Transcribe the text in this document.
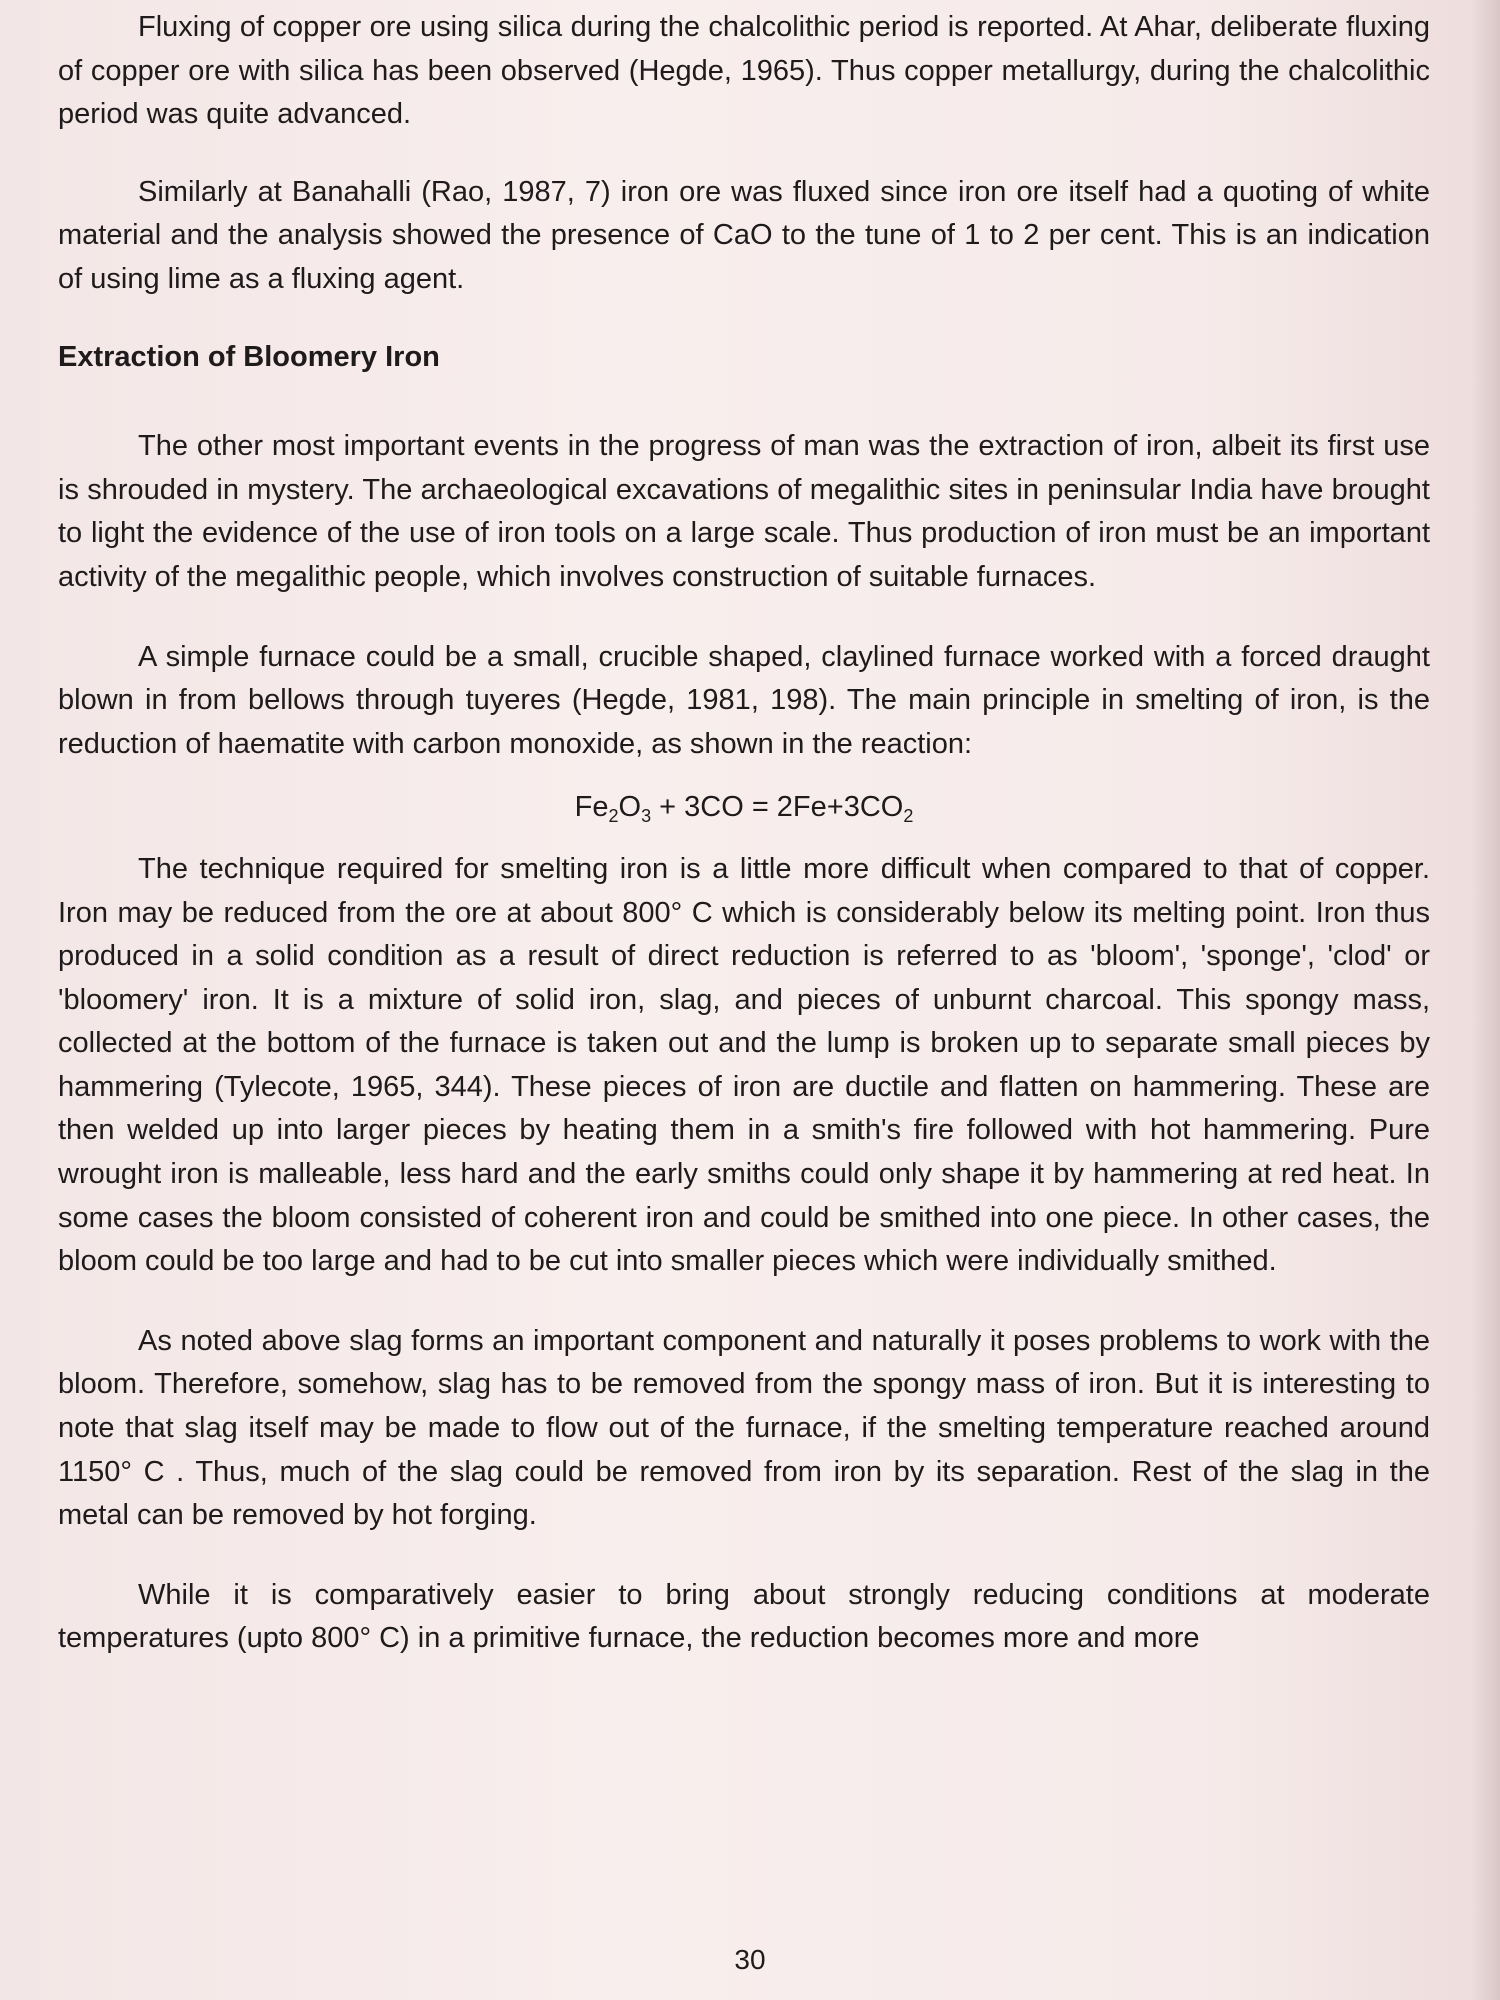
Fluxing of copper ore using silica during the chalcolithic period is reported. At Ahar, deliberate fluxing of copper ore with silica has been observed (Hegde, 1965). Thus copper metallurgy, during the chalcolithic period was quite advanced.

Similarly at Banahalli (Rao, 1987, 7) iron ore was fluxed since iron ore itself had a quoting of white material and the analysis showed the presence of CaO to the tune of 1 to 2 per cent. This is an indication of using lime as a fluxing agent.

Extraction of Bloomery Iron

The other most important events in the progress of man was the extraction of iron, albeit its first use is shrouded in mystery. The archaeological excavations of megalithic sites in peninsular India have brought to light the evidence of the use of iron tools on a large scale. Thus production of iron must be an important activity of the megalithic people, which involves construction of suitable furnaces.

A simple furnace could be a small, crucible shaped, claylined furnace worked with a forced draught blown in from bellows through tuyeres (Hegde, 1981, 198). The main principle in smelting of iron, is the reduction of haematite with carbon monoxide, as shown in the reaction:

$Fe_2O_3 + 3CO = 2Fe+3CO_2$

The technique required for smelting iron is a little more difficult when compared to that of copper. Iron may be reduced from the ore at about 800° C which is considerably below its melting point. Iron thus produced in a solid condition as a result of direct reduction is referred to as 'bloom', 'sponge', 'clod' or 'bloomery' iron. It is a mixture of solid iron, slag, and pieces of unburnt charcoal. This spongy mass, collected at the bottom of the furnace is taken out and the lump is broken up to separate small pieces by hammering (Tylecote, 1965, 344). These pieces of iron are ductile and flatten on hammering. These are then welded up into larger pieces by heating them in a smith's fire followed with hot hammering. Pure wrought iron is malleable, less hard and the early smiths could only shape it by hammering at red heat. In some cases the bloom consisted of coherent iron and could be smithed into one piece. In other cases, the bloom could be too large and had to be cut into smaller pieces which were individually smithed.

As noted above slag forms an important component and naturally it poses problems to work with the bloom. Therefore, somehow, slag has to be removed from the spongy mass of iron. But it is interesting to note that slag itself may be made to flow out of the furnace, if the smelting temperature reached around 1150° C . Thus, much of the slag could be removed from iron by its separation. Rest of the slag in the metal can be removed by hot forging.

While it is comparatively easier to bring about strongly reducing conditions at moderate temperatures (upto 800° C) in a primitive furnace, the reduction becomes more and more

30
